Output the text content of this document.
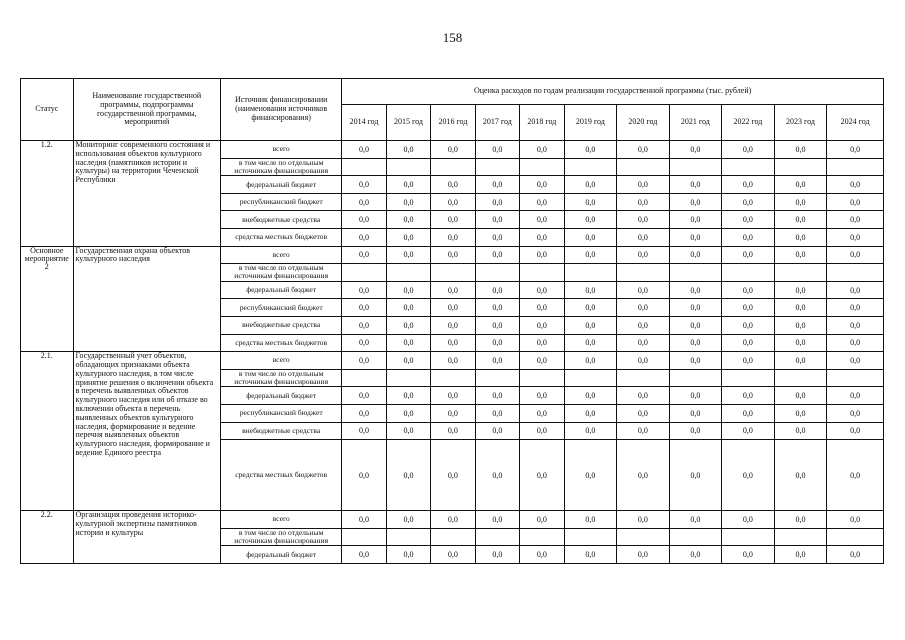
158
Статус	Наименование государственной программы, подпрограммы государственной программы, мероприятий	Источник финансировании (наименования источников финансирования)	Оценка расходов по годам реализации государственной программы (тыс. рублей)										
			2014 год	2015 год	2016 год	2017 год	2018 год	2019 год	2020 год	2021 год	2022 год	2023 год	2024 год
1.2.	Мониторинг современного состояния и использования объектов культурного наследия (памятников истории и культуры) на территории Чеченской Республики	всего	0,0	0,0	0,0	0,0	0,0	0,0	0,0	0,0	0,0	0,0	0,0
		в том числе по отдельным источникам финансирования											
		федеральный бюджет	0,0	0,0	0,0	0,0	0,0	0,0	0,0	0,0	0,0	0,0	0,0
		республиканский бюджет	0,0	0,0	0,0	0,0	0,0	0,0	0,0	0,0	0,0	0,0	0,0
		внебюджетные средства	0,0	0,0	0,0	0,0	0,0	0,0	0,0	0,0	0,0	0,0	0,0
		средства местных бюджетов	0,0	0,0	0,0	0,0	0,0	0,0	0,0	0,0	0,0	0,0	0,0
Основное мероприятие 2	Государственная охрана объектов культурного наследия	всего	0,0	0,0	0,0	0,0	0,0	0,0	0,0	0,0	0,0	0,0	0,0
		в том числе по отдельным источникам финансирования											
		федеральный бюджет	0,0	0,0	0,0	0,0	0,0	0,0	0,0	0,0	0,0	0,0	0,0
		республиканский бюджет	0,0	0,0	0,0	0,0	0,0	0,0	0,0	0,0	0,0	0,0	0,0
		внебюджетные средства	0,0	0,0	0,0	0,0	0,0	0,0	0,0	0,0	0,0	0,0	0,0
		средства местных бюджетов	0,0	0,0	0,0	0,0	0,0	0,0	0,0	0,0	0,0	0,0	0,0
2.1.	Государственный учет объектов, обладающих признаками объекта культурного наследия, в том числе принятие решения о включении объекта в перечень выявленных объектов культурного наследия или об отказе во включении объекта в перечень выявленных объектов культурного наследия, формирование и ведение перечня выявленных объектов культурного наследия, формирование и ведение Единого реестра	всего	0,0	0,0	0,0	0,0	0,0	0,0	0,0	0,0	0,0	0,0	0,0
		в том числе по отдельным источникам финансирования											
		федеральный бюджет	0,0	0,0	0,0	0,0	0,0	0,0	0,0	0,0	0,0	0,0	0,0
		республиканский бюджет	0,0	0,0	0,0	0,0	0,0	0,0	0,0	0,0	0,0	0,0	0,0
		внебюджетные средства	0,0	0,0	0,0	0,0	0,0	0,0	0,0	0,0	0,0	0,0	0,0
		средства местных бюджетов	0,0	0,0	0,0	0,0	0,0	0,0	0,0	0,0	0,0	0,0	0,0
2.2.	Организация проведения историко-культурной экспертизы памятников истории и культуры	всего	0,0	0,0	0,0	0,0	0,0	0,0	0,0	0,0	0,0	0,0	0,0
		в том числе по отдельным источникам финансирования											
		федеральный бюджет	0,0	0,0	0,0	0,0	0,0	0,0	0,0	0,0	0,0	0,0	0,0
